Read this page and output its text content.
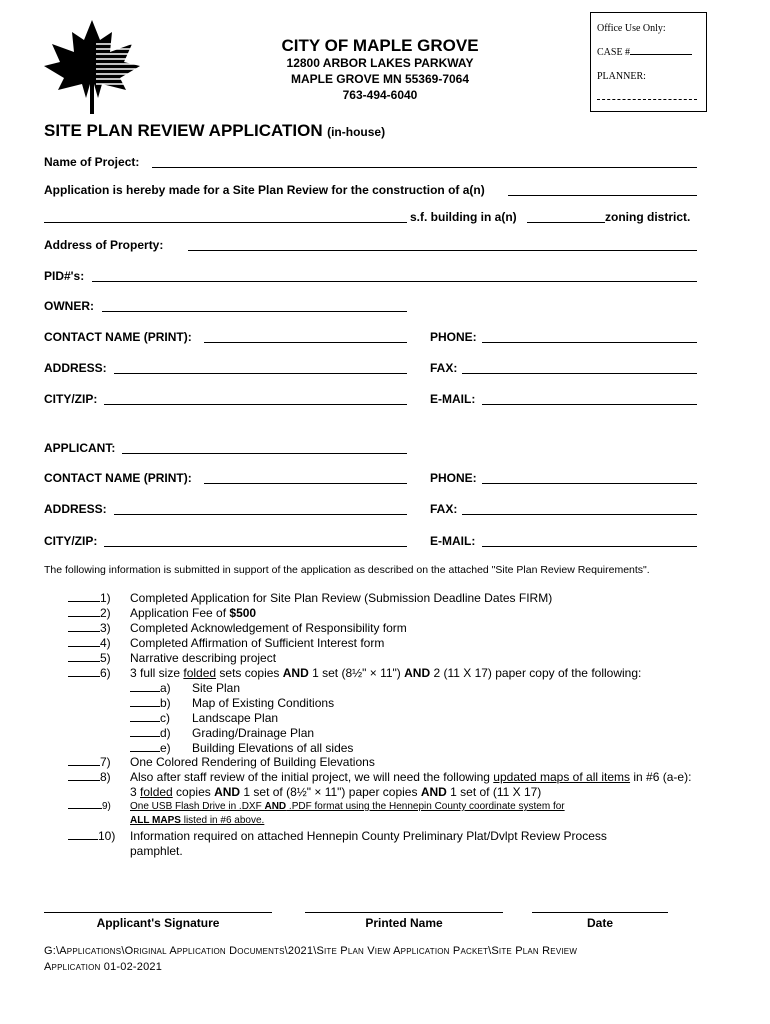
CITY OF MAPLE GROVE
12800 ARBOR LAKES PARKWAY
MAPLE GROVE MN 55369-7064
763-494-6040
Office Use Only:
CASE #
PLANNER:
SITE PLAN REVIEW APPLICATION (in-house)
Name of Project:
Application is hereby made for a Site Plan Review for the construction of a(n)
s.f. building in a(n)	zoning district.
Address of Property:
PID#'s:
OWNER:
CONTACT NAME (PRINT):	PHONE:
ADDRESS:	FAX:
CITY/ZIP:	E-MAIL:
APPLICANT:
CONTACT NAME (PRINT):	PHONE:
ADDRESS:	FAX:
CITY/ZIP:	E-MAIL:
The following information is submitted in support of the application as described on the attached "Site Plan Review Requirements".
1) Completed Application for Site Plan Review (Submission Deadline Dates FIRM)
2) Application Fee of $500
3) Completed Acknowledgement of Responsibility form
4) Completed Affirmation of Sufficient Interest form
5) Narrative describing project
6) 3 full size folded sets copies AND 1 set (8½" × 11") AND 2 (11 X 17) paper copy of the following:
a) Site Plan
b) Map of Existing Conditions
c) Landscape Plan
d) Grading/Drainage Plan
e) Building Elevations of all sides
7) One Colored Rendering of Building Elevations
8) Also after staff review of the initial project, we will need the following updated maps of all items in #6 (a-e):
3 folded copies AND 1 set of (8½" × 11") paper copies AND 1 set of (11 X 17)
9) One USB Flash Drive in .DXF AND .PDF format using the Hennepin County coordinate system for
ALL MAPS listed in #6 above.
10) Information required on attached Hennepin County Preliminary Plat/Dvlpt Review Process
pamphlet.
Applicant's Signature	Printed Name	Date
G:\Applications\Original Application Documents\2021\Site Plan View Application Packet\Site Plan Review
Application 01-02-2021
